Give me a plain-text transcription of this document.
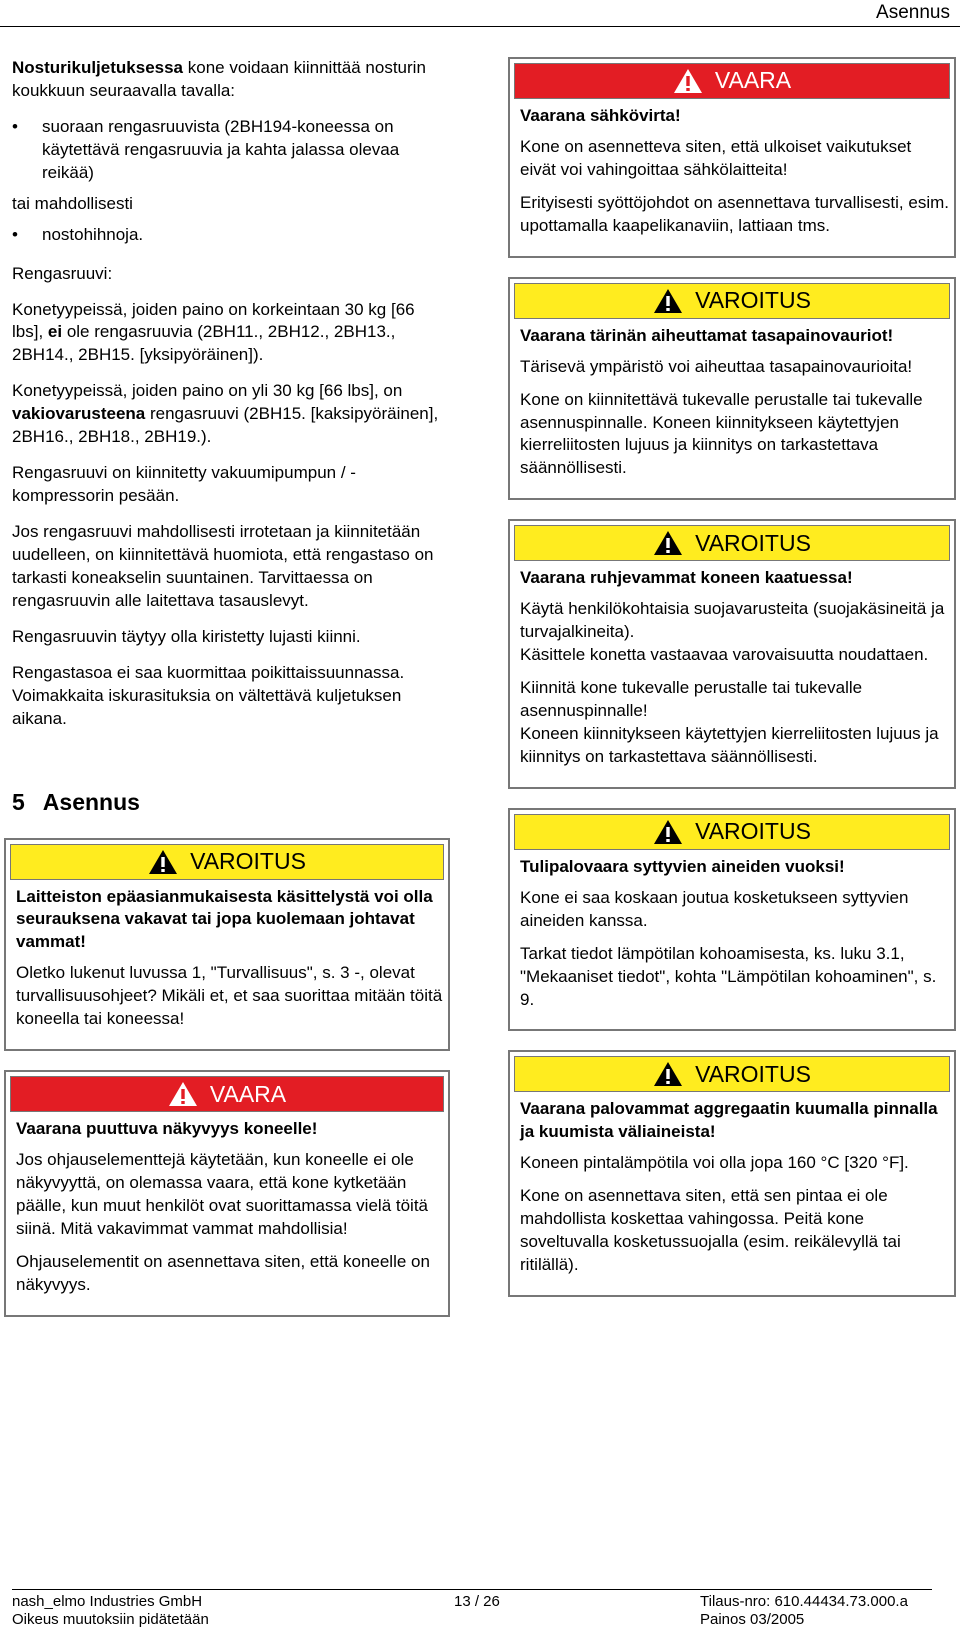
Asennus

Nosturikuljetuksessa kone voidaan kiinnittää nosturin koukkuun seuraavalla tavalla:

• suoraan rengasruuvista (2BH194-koneessa on käytettävä rengasruuvia ja kahta jalassa olevaa reikää)

tai mahdollisesti

• nostohihnoja.

Rengasruuvi:

Konetyypeissä, joiden paino on korkeintaan 30 kg [66 lbs], ei ole rengasruuvia (2BH11., 2BH12., 2BH13., 2BH14., 2BH15. [yksipyöräinen]).

Konetyypeissä, joiden paino on yli 30 kg [66 lbs], on vakiovarusteena rengasruuvi (2BH15. [kaksipyöräinen], 2BH16., 2BH18., 2BH19.).

Rengasruuvi on kiinnitetty vakuumipumpun / -kompressorin pesään.

Jos rengasruuvi mahdollisesti irrotetaan ja kiinnitetään uudelleen, on kiinnitettävä huomiota, että rengastaso on tarkasti koneakselin suuntainen. Tarvittaessa on rengasruuvin alle laitettava tasauslevyt.

Rengasruuvin täytyy olla kiristetty lujasti kiinni.

Rengastasoa ei saa kuormittaa poikittaissuunnassa. Voimakkaita iskurasituksia on vältettävä kuljetuksen aikana.

5 Asennus
VAROITUS

Laitteiston epäasianmukaisesta käsittelystä voi olla seurauksena vakavat tai jopa kuolemaan johtavat vammat!

Oletko lukenut luvussa 1, "Turvallisuus", s. 3 -, olevat turvallisuusohjeet? Mikäli et, et saa suorittaa mitään töitä koneella tai koneessa!

VAARA

Vaarana puuttuva näkyvyys koneelle!

Jos ohjauselementtejä käytetään, kun koneelle ei ole näkyvyyttä, on olemassa vaara, että kone kytketään päälle, kun muut henkilöt ovat suorittamassa vielä töitä siinä. Mitä vakavimmat vammat mahdollisia!

Ohjauselementit on asennettava siten, että koneelle on näkyvyys.

VAARA

Vaarana sähkövirta!

Kone on asennetteva siten, että ulkoiset vaikutukset eivät voi vahingoittaa sähkölaitteita!

Erityisesti syöttöjohdot on asennettava turvallisesti, esim. upottamalla kaapelikanaviin, lattiaan tms.

VAROITUS

Vaarana tärinän aiheuttamat tasapainovauriot!

Tärisevä ympäristö voi aiheuttaa tasapainovaurioita!

Kone on kiinnitettävä tukevalle perustalle tai tukevalle asennuspinnalle. Koneen kiinnitykseen käytettyjen kierreliitosten lujuus ja kiinnitys on tarkastettava säännöllisesti.

VAROITUS

Vaarana ruhjevammat koneen kaatuessa!

Käytä henkilökohtaisia suojavarusteita (suojakäsineitä ja turvajalkineita).
Käsittele konetta vastaavaa varovaisuutta noudattaen.

Kiinnitä kone tukevalle perustalle tai tukevalle asennuspinnalle!
Koneen kiinnitykseen käytettyjen kierreliitosten lujuus ja kiinnitys on tarkastettava säännöllisesti.

VAROITUS

Tulipalovaara syttyvien aineiden vuoksi!

Kone ei saa koskaan joutua kosketukseen syttyvien aineiden kanssa.

Tarkat tiedot lämpötilan kohoamisesta, ks. luku 3.1, "Mekaaniset tiedot", kohta "Lämpötilan kohoaminen", s. 9.

VAROITUS

Vaarana palovammat aggregaatin kuumalla pinnalla ja kuumista väliaineista!

Koneen pintalämpötila voi olla jopa 160 °C [320 °F].

Kone on asennettava siten, että sen pintaa ei ole mahdollista koskettaa vahingossa. Peitä kone soveltuvalla kosketussuojalla (esim. reikälevyllä tai ritilällä).

nash_elmo Industries GmbH
Oikeus muutoksiin pidätetään
13 / 26	Tilaus-nro: 610.44434.73.000.a
Painos 03/2005
